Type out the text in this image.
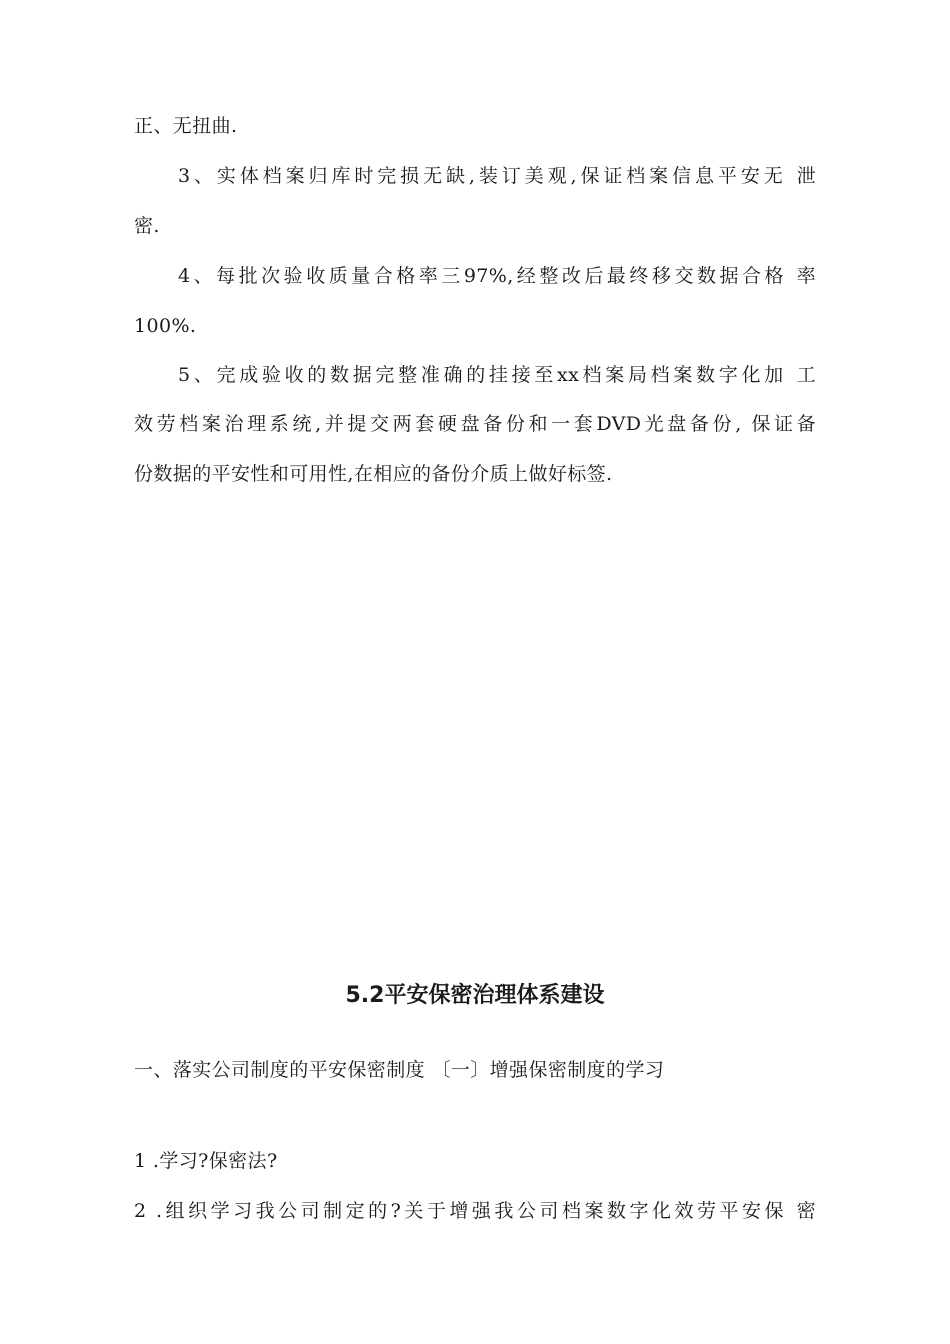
正、无扭曲.
3、实体档案归库时完损无缺,装订美观,保证档案信息平安无 泄
密.
4、每批次验收质量合格率三97%,经整改后最终移交数据合格 率
100%.
5、完成验收的数据完整准确的挂接至xx档案局档案数字化加 工
效劳档案治理系统,并提交两套硬盘备份和一套DVD光盘备份, 保证备
份数据的平安性和可用性,在相应的备份介质上做好标签.
5.2平安保密治理体系建设
一、落实公司制度的平安保密制度 〔一〕增强保密制度的学习
1 .学习?保密法?
2 .组织学习我公司制定的?关于增强我公司档案数字化效劳平安保 密
